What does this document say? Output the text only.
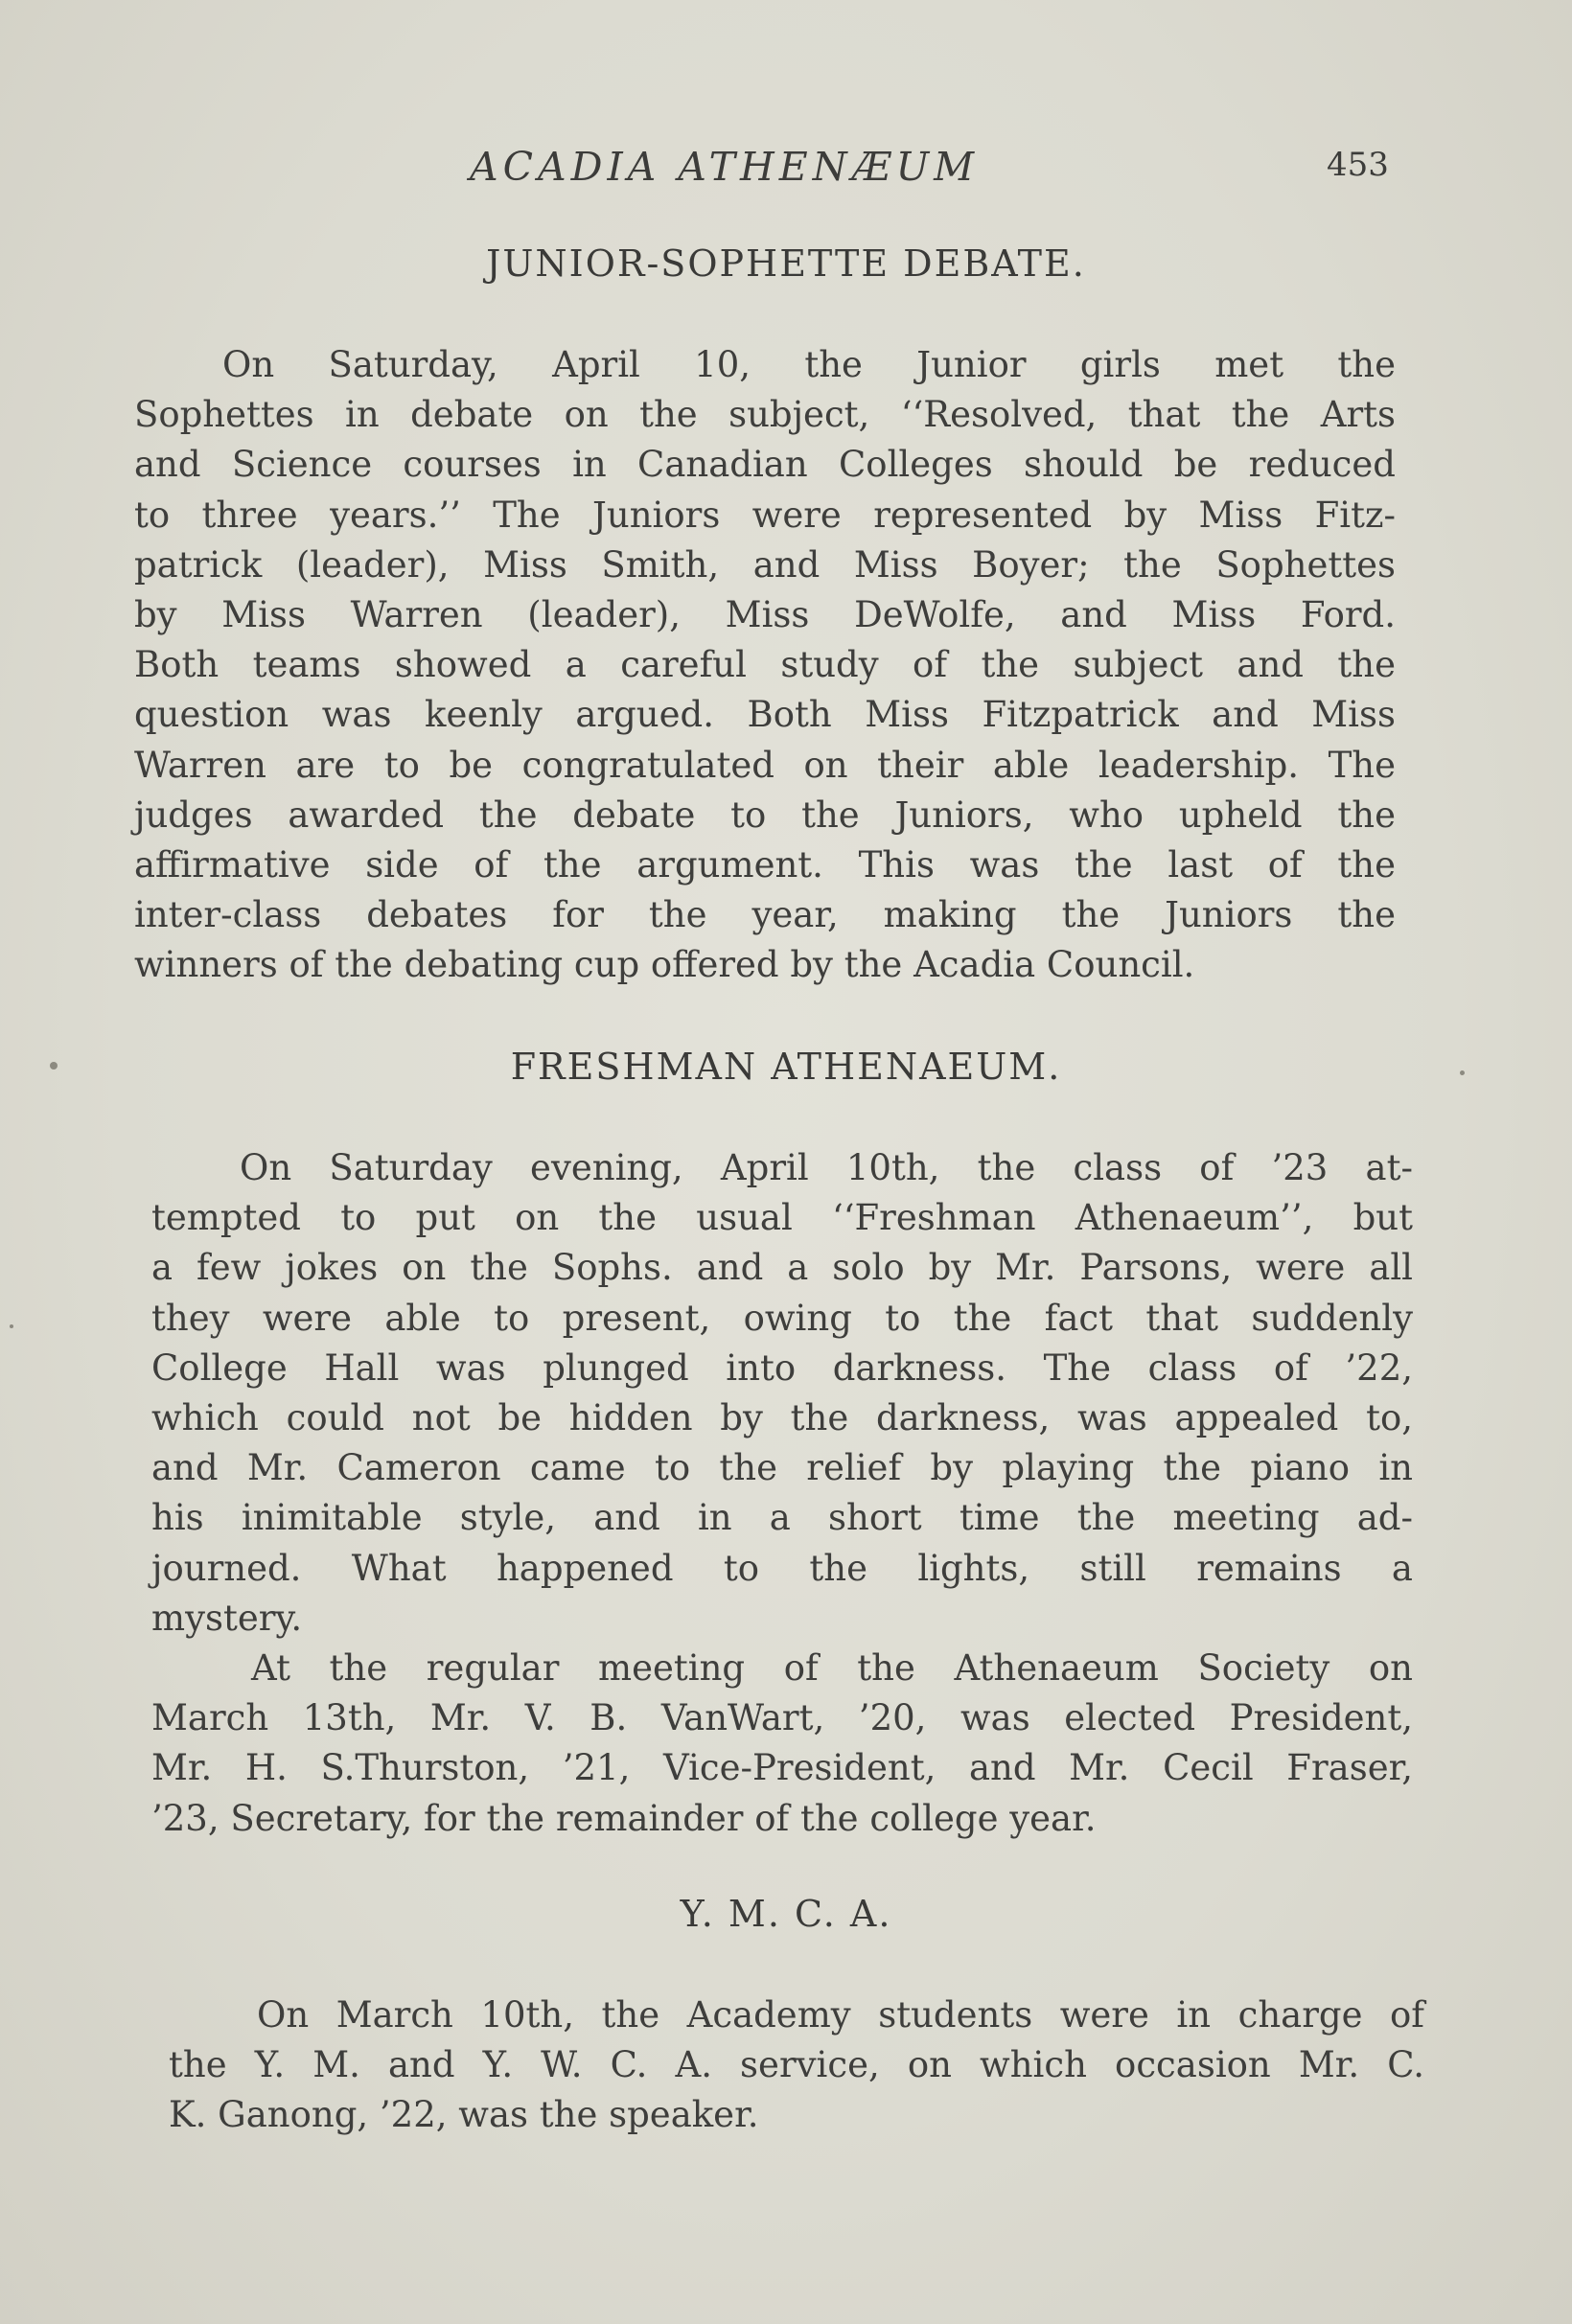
ACADIA ATHENÆUM	453
JUNIOR-SOPHETTE DEBATE.

On Saturday, April 10, the Junior girls met the
Sophettes in debate on the subject, ‘‘Resolved, that the Arts
and Science courses in Canadian Colleges should be reduced
to three years.’’ The Juniors were represented by Miss Fitz-
patrick (leader), Miss Smith, and Miss Boyer; the Sophettes
by Miss Warren (leader), Miss DeWolfe, and Miss Ford.
Both teams showed a careful study of the subject and the
question was keenly argued. Both Miss Fitzpatrick and Miss
Warren are to be congratulated on their able leadership. The
judges awarded the debate to the Juniors, who upheld the
affirmative side of the argument. This was the last of the
inter-class debates for the year, making the Juniors the
winners of the debating cup offered by the Acadia Council.

FRESHMAN ATHENAEUM.

On Saturday evening, April 10th, the class of ’23 at-
tempted to put on the usual ‘‘Freshman Athenaeum’’, but
a few jokes on the Sophs. and a solo by Mr. Parsons, were all
they were able to present, owing to the fact that suddenly
College Hall was plunged into darkness. The class of ’22,
which could not be hidden by the darkness, was appealed to,
and Mr. Cameron came to the relief by playing the piano in
his inimitable style, and in a short time the meeting ad-
journed. What happened to the lights, still remains a
mystery.

At the regular meeting of the Athenaeum Society on
March 13th, Mr. V. B. VanWart, ’20, was elected President,
Mr. H. S.Thurston, ’21, Vice-President, and Mr. Cecil Fraser,
’23, Secretary, for the remainder of the college year.

Y. M. C. A.

On March 10th, the Academy students were in charge of
the Y. M. and Y. W. C. A. service, on which occasion Mr. C.
K. Ganong, ’22, was the speaker.
